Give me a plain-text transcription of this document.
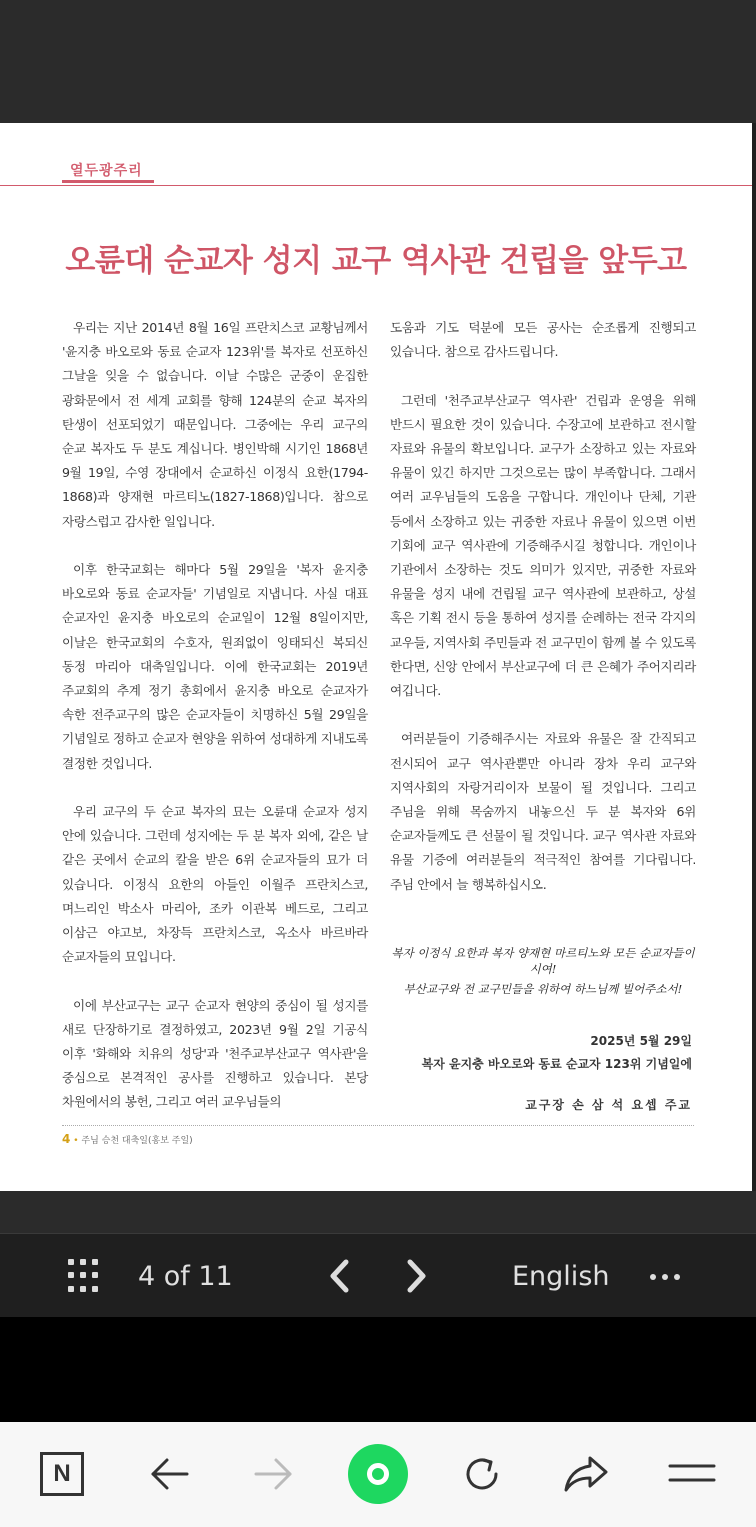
열두광주리
오륜대 순교자 성지 교구 역사관 건립을 앞두고

우리는 지난 2014년 8월 16일 프란치스코 교황님께서 '윤지충 바오로와 동료 순교자 123위'를 복자로 선포하신 그날을 잊을 수 없습니다. 이날 수많은 군중이 운집한 광화문에서 전 세계 교회를 향해 124분의 순교 복자의 탄생이 선포되었기 때문입니다. 그중에는 우리 교구의 순교 복자도 두 분도 계십니다. 병인박해 시기인 1868년 9월 19일, 수영 장대에서 순교하신 이정식 요한(1794-1868)과 양재현 마르티노(1827-1868)입니다. 참으로 자랑스럽고 감사한 일입니다.

이후 한국교회는 해마다 5월 29일을 '복자 윤지충 바오로와 동료 순교자들' 기념일로 지냅니다. 사실 대표 순교자인 윤지충 바오로의 순교일이 12월 8일이지만, 이날은 한국교회의 수호자, 원죄없이 잉태되신 복되신 동정 마리아 대축일입니다. 이에 한국교회는 2019년 주교회의 추계 정기 총회에서 윤지충 바오로 순교자가 속한 전주교구의 많은 순교자들이 치명하신 5월 29일을 기념일로 정하고 순교자 현양을 위하여 성대하게 지내도록 결정한 것입니다.

우리 교구의 두 순교 복자의 묘는 오륜대 순교자 성지 안에 있습니다. 그런데 성지에는 두 분 복자 외에, 같은 날 같은 곳에서 순교의 칼을 받은 6위 순교자들의 묘가 더 있습니다. 이정식 요한의 아들인 이월주 프란치스코, 며느리인 박소사 마리아, 조카 이관복 베드로, 그리고 이삼근 야고보, 차장득 프란치스코, 옥소사 바르바라 순교자들의 묘입니다.

이에 부산교구는 교구 순교자 현양의 중심이 될 성지를 새로 단장하기로 결정하였고, 2023년 9월 2일 기공식 이후 '화해와 치유의 성당'과 '천주교부산교구 역사관'을 중심으로 본격적인 공사를 진행하고 있습니다. 본당 차원에서의 봉헌, 그리고 여러 교우님들의

도움과 기도 덕분에 모든 공사는 순조롭게 진행되고 있습니다. 참으로 감사드립니다.

그런데 '천주교부산교구 역사관' 건립과 운영을 위해 반드시 필요한 것이 있습니다. 수장고에 보관하고 전시할 자료와 유물의 확보입니다. 교구가 소장하고 있는 자료와 유물이 있긴 하지만 그것으로는 많이 부족합니다. 그래서 여러 교우님들의 도움을 구합니다. 개인이나 단체, 기관 등에서 소장하고 있는 귀중한 자료나 유물이 있으면 이번 기회에 교구 역사관에 기증해주시길 청합니다. 개인이나 기관에서 소장하는 것도 의미가 있지만, 귀중한 자료와 유물을 성지 내에 건립될 교구 역사관에 보관하고, 상설 혹은 기획 전시 등을 통하여 성지를 순례하는 전국 각지의 교우들, 지역사회 주민들과 전 교구민이 함께 볼 수 있도록 한다면, 신앙 안에서 부산교구에 더 큰 은혜가 주어지리라 여깁니다.

여러분들이 기증해주시는 자료와 유물은 잘 간직되고 전시되어 교구 역사관뿐만 아니라 장차 우리 교구와 지역사회의 자랑거리이자 보물이 될 것입니다. 그리고 주님을 위해 목숨까지 내놓으신 두 분 복자와 6위 순교자들께도 큰 선물이 될 것입니다. 교구 역사관 자료와 유물 기증에 여러분들의 적극적인 참여를 기다립니다. 주님 안에서 늘 행복하십시오.

복자 이정식 요한과 복자 양재현 마르티노와 모든 순교자들이시여!
부산교구와 전 교구민들을 위하여 하느님께 빌어주소서!
2025년 5월 29일
복자 윤지충 바오로와 동료 순교자 123위 기념일에
교구장 손 삼 석 요셉 주교
4 • 주님 승천 대축일(홍보 주일)
4 of 11	English
N
